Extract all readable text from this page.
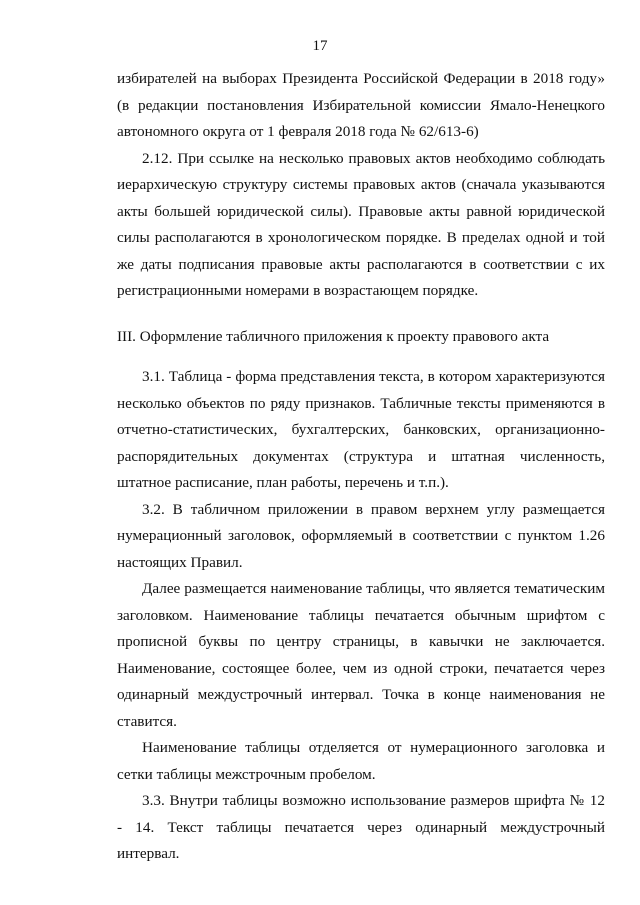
17

избирателей на выборах Президента Российской Федерации в 2018 году» (в редакции постановления Избирательной комиссии Ямало-Ненецкого автономного округа от 1 февраля 2018 года № 62/613-6)

2.12. При ссылке на несколько правовых актов необходимо соблюдать иерархическую структуру системы правовых актов (сначала указываются акты большей юридической силы). Правовые акты равной юридической силы располагаются в хронологическом порядке. В пределах одной и той же даты подписания правовые акты располагаются в соответствии с их регистрационными номерами в возрастающем порядке.

III. Оформление табличного приложения к проекту правового акта

3.1. Таблица - форма представления текста, в котором характеризуются несколько объектов по ряду признаков. Табличные тексты применяются в отчетно-статистических, бухгалтерских, банковских, организационно-распорядительных документах (структура и штатная численность, штатное расписание, план работы, перечень и т.п.).

3.2. В табличном приложении в правом верхнем углу размещается нумерационный заголовок, оформляемый в соответствии с пунктом 1.26 настоящих Правил.

Далее размещается наименование таблицы, что является тематическим заголовком. Наименование таблицы печатается обычным шрифтом с прописной буквы по центру страницы, в кавычки не заключается. Наименование, состоящее более, чем из одной строки, печатается через одинарный междустрочный интервал. Точка в конце наименования не ставится.

Наименование таблицы отделяется от нумерационного заголовка и сетки таблицы межстрочным пробелом.

3.3. Внутри таблицы возможно использование размеров шрифта № 12 - 14. Текст таблицы печатается через одинарный междустрочный интервал.
